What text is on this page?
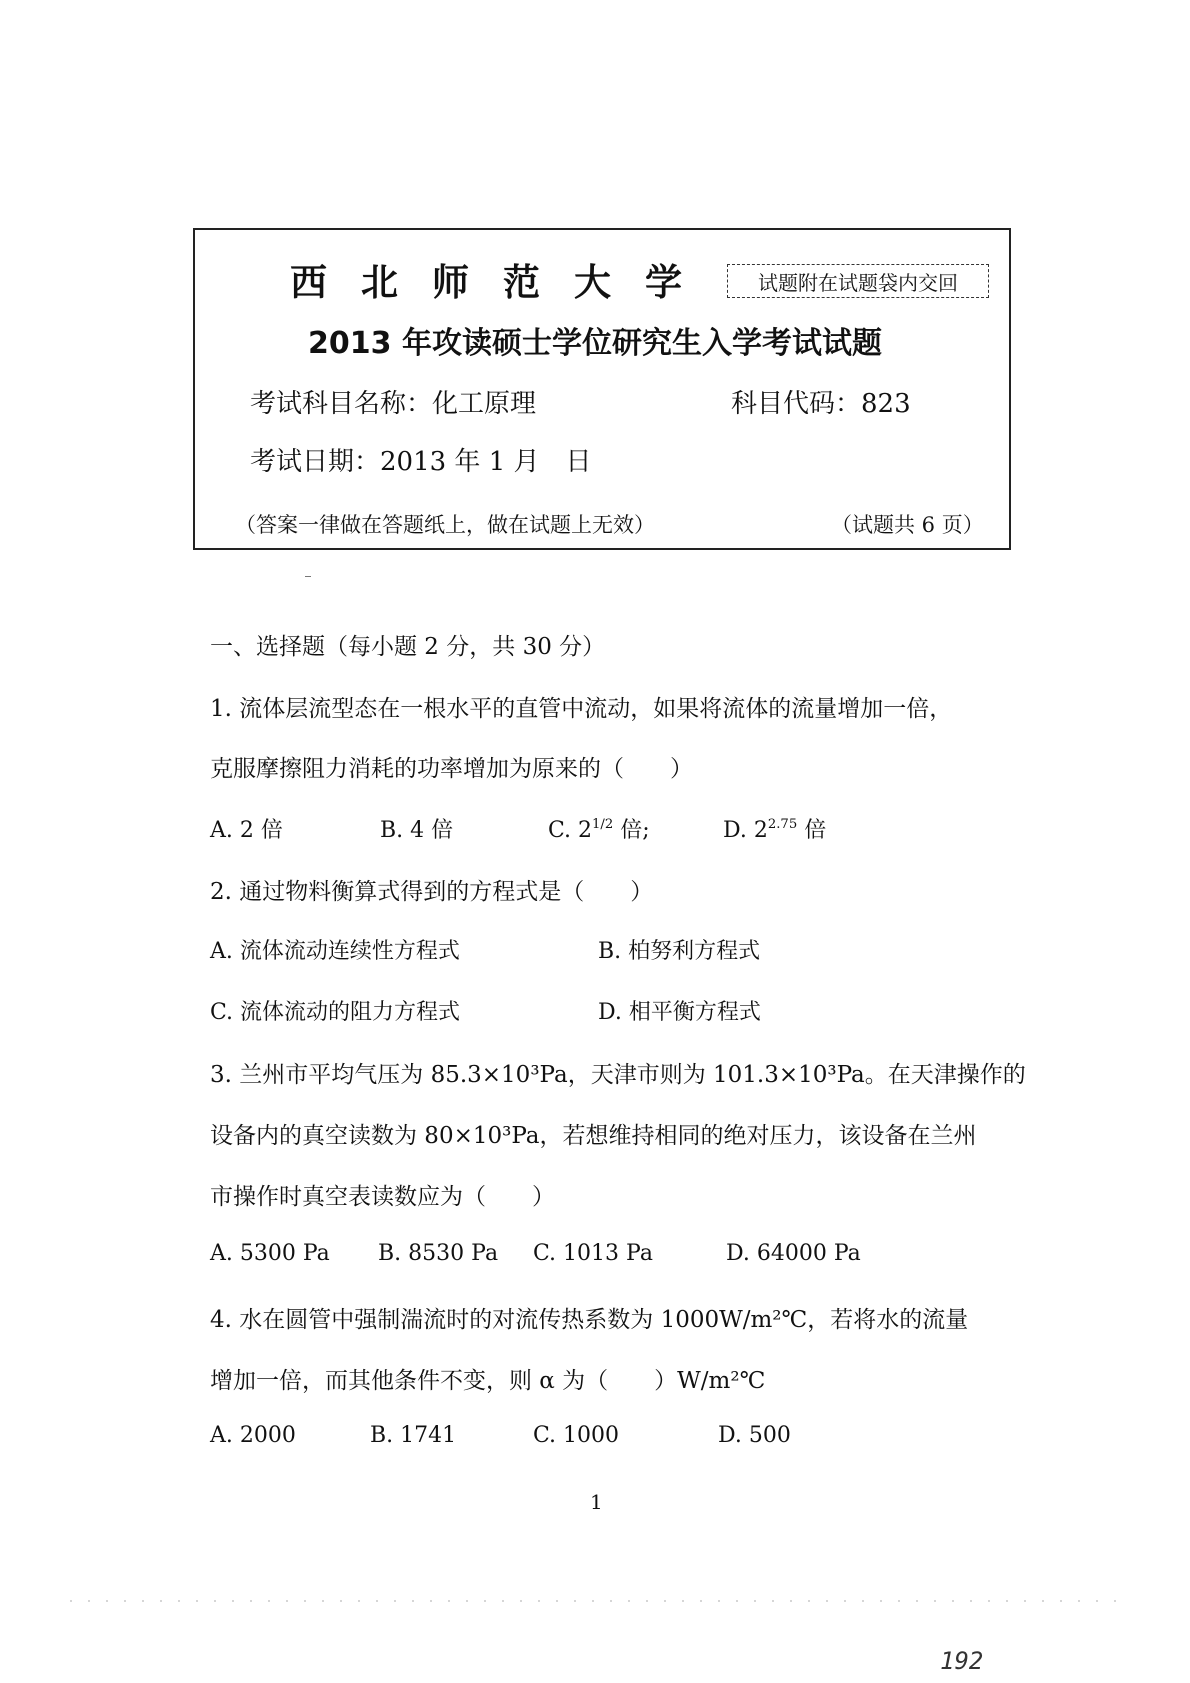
西北师范大学	试题附在试题袋内交回
2013 年攻读硕士学位研究生入学考试试题
考试科目名称：化工原理	科目代码：823
考试日期：2013 年 1 月　日
（答案一律做在答题纸上，做在试题上无效）	（试题共 6 页）
一、选择题（每小题 2 分，共 30 分）
1. 流体层流型态在一根水平的直管中流动，如果将流体的流量增加一倍，
克服摩擦阻力消耗的功率增加为原来的（　　）
A. 2 倍	B. 4 倍	C. $2^{1/2}$ 倍;	D. $2^{2.75}$ 倍
2. 通过物料衡算式得到的方程式是（　　）
A. 流体流动连续性方程式	B. 柏努利方程式
C. 流体流动的阻力方程式	D. 相平衡方程式
3. 兰州市平均气压为 85.3×10³Pa，天津市则为 101.3×10³Pa。在天津操作的
设备内的真空读数为 80×10³Pa，若想维持相同的绝对压力，该设备在兰州
市操作时真空表读数应为（　　）
A. 5300 Pa B. 8530 Pa C. 1013 Pa	D. 64000 Pa
4. 水在圆管中强制湍流时的对流传热系数为 1000W/m²℃，若将水的流量
增加一倍，而其他条件不变，则 α 为（　　）W/m²℃
A. 2000	B. 1741	C. 1000	D. 500
1
192
